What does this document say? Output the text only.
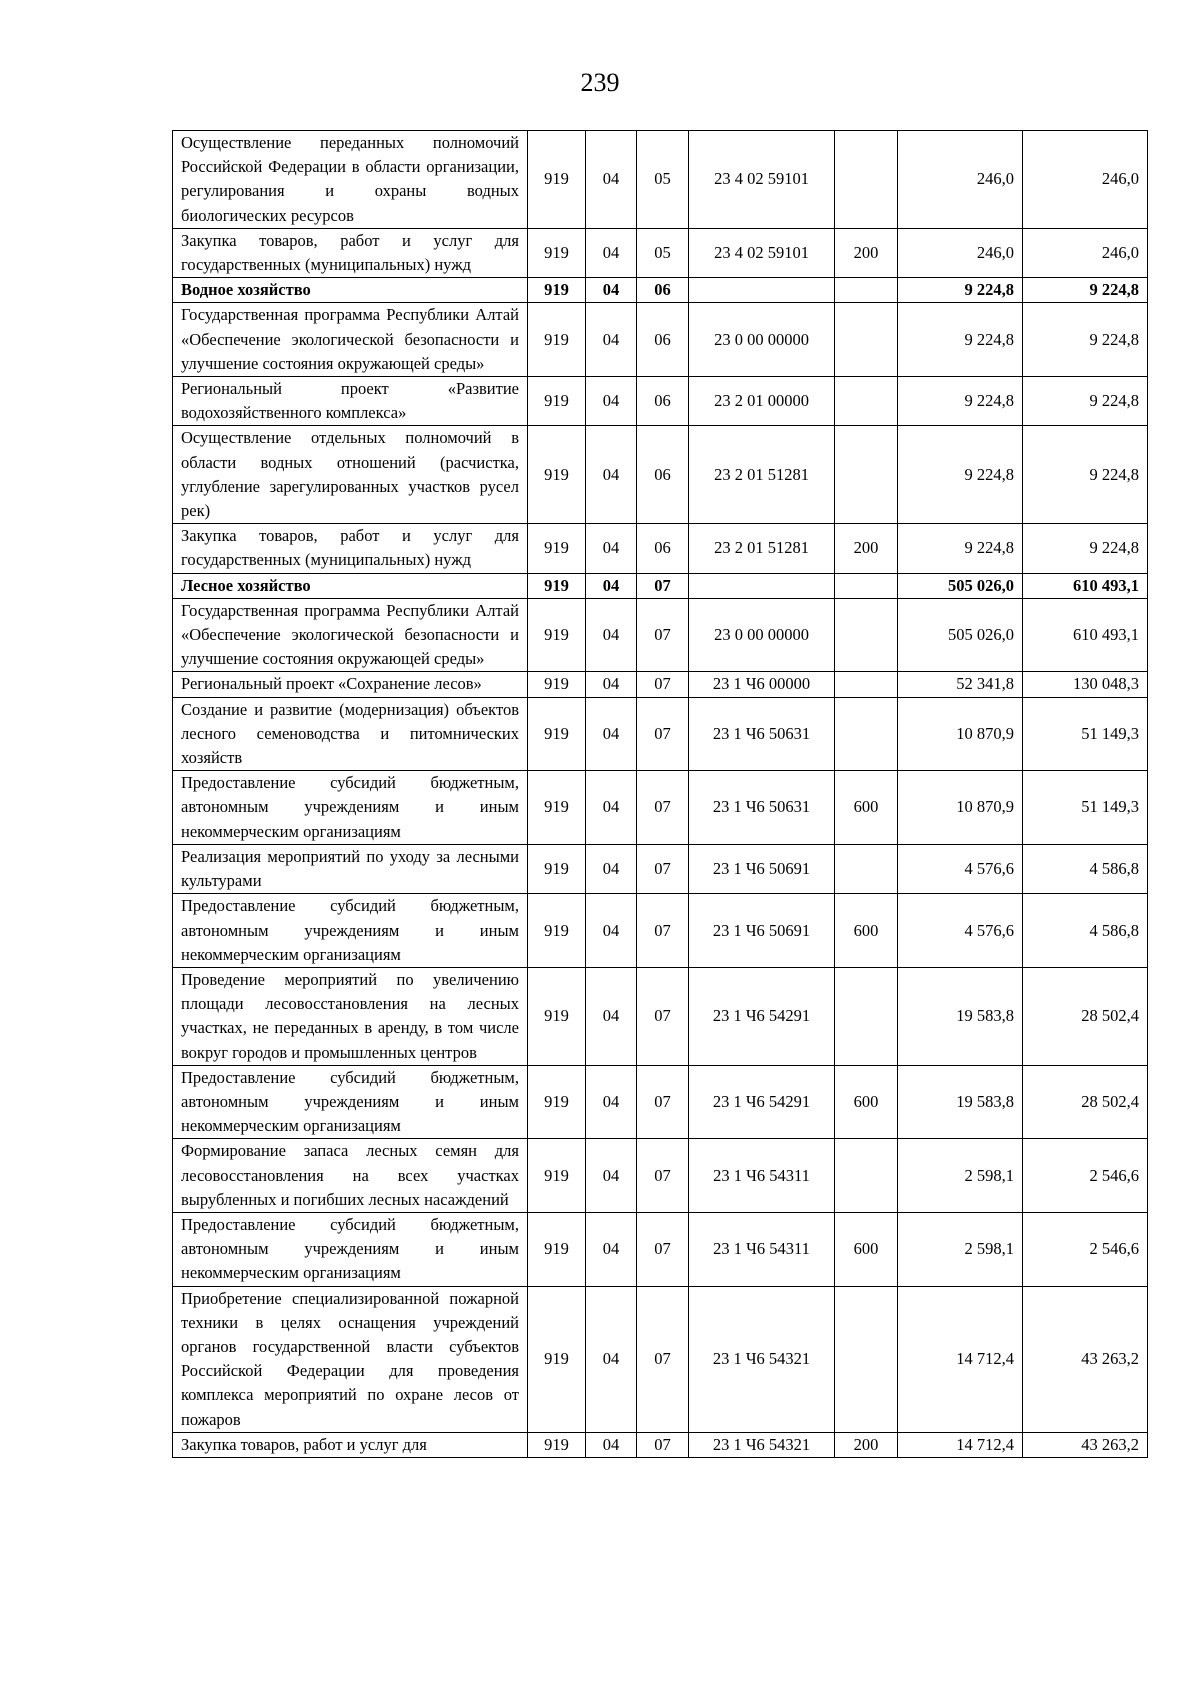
239
Осуществление переданных полномочий Российской Федерации в области организации, регулирования и охраны водных биологических ресурсов	919	04	05	23 4 02 59101		246,0	246,0
Закупка товаров, работ и услуг для государственных (муниципальных) нужд	919	04	05	23 4 02 59101	200	246,0	246,0
Водное хозяйство	919	04	06			9 224,8	9 224,8
Государственная программа Республики Алтай «Обеспечение экологической безопасности и улучшение состояния окружающей среды»	919	04	06	23 0 00 00000		9 224,8	9 224,8
Региональный проект «Развитие водохозяйственного комплекса»	919	04	06	23 2 01 00000		9 224,8	9 224,8
Осуществление отдельных полномочий в области водных отношений (расчистка, углубление зарегулированных участков русел рек)	919	04	06	23 2 01 51281		9 224,8	9 224,8
Закупка товаров, работ и услуг для государственных (муниципальных) нужд	919	04	06	23 2 01 51281	200	9 224,8	9 224,8
Лесное хозяйство	919	04	07			505 026,0	610 493,1
Государственная программа Республики Алтай «Обеспечение экологической безопасности и улучшение состояния окружающей среды»	919	04	07	23 0 00 00000		505 026,0	610 493,1
Региональный проект «Сохранение лесов»	919	04	07	23 1 Ч6 00000		52 341,8	130 048,3
Создание и развитие (модернизация) объектов лесного семеноводства и питомнических хозяйств	919	04	07	23 1 Ч6 50631		10 870,9	51 149,3
Предоставление субсидий бюджетным, автономным учреждениям и иным некоммерческим организациям	919	04	07	23 1 Ч6 50631	600	10 870,9	51 149,3
Реализация мероприятий по уходу за лесными культурами	919	04	07	23 1 Ч6 50691		4 576,6	4 586,8
Предоставление субсидий бюджетным, автономным учреждениям и иным некоммерческим организациям	919	04	07	23 1 Ч6 50691	600	4 576,6	4 586,8
Проведение мероприятий по увеличению площади лесовосстановления на лесных участках, не переданных в аренду, в том числе вокруг городов и промышленных центров	919	04	07	23 1 Ч6 54291		19 583,8	28 502,4
Предоставление субсидий бюджетным, автономным учреждениям и иным некоммерческим организациям	919	04	07	23 1 Ч6 54291	600	19 583,8	28 502,4
Формирование запаса лесных семян для лесовосстановления на всех участках вырубленных и погибших лесных насаждений	919	04	07	23 1 Ч6 54311		2 598,1	2 546,6
Предоставление субсидий бюджетным, автономным учреждениям и иным некоммерческим организациям	919	04	07	23 1 Ч6 54311	600	2 598,1	2 546,6
Приобретение специализированной пожарной техники в целях оснащения учреждений органов государственной власти субъектов Российской Федерации для проведения комплекса мероприятий по охране лесов от пожаров	919	04	07	23 1 Ч6 54321		14 712,4	43 263,2
Закупка товаров, работ и услуг для	919	04	07	23 1 Ч6 54321	200	14 712,4	43 263,2
